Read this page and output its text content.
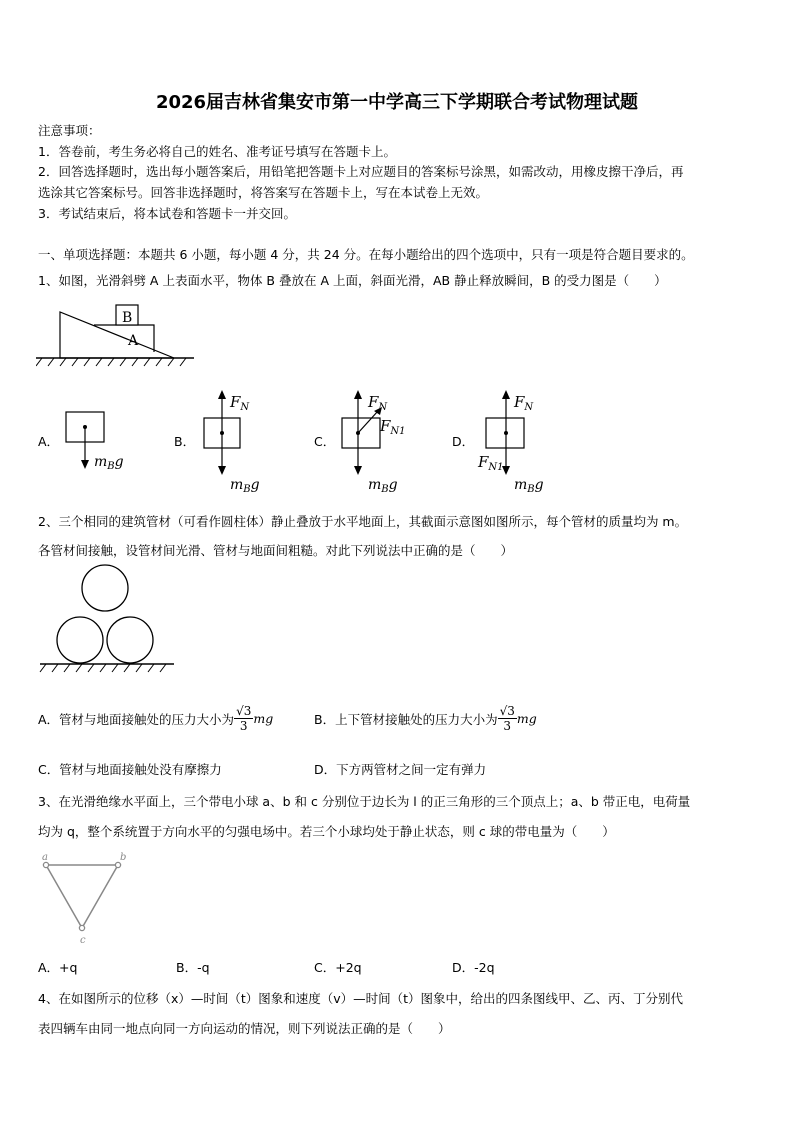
2026届吉林省集安市第一中学高三下学期联合考试物理试题
注意事项：
1．答卷前，考生务必将自己的姓名、准考证号填写在答题卡上。
2．回答选择题时，选出每小题答案后，用铅笔把答题卡上对应题目的答案标号涂黑，如需改动，用橡皮擦干净后，再
选涂其它答案标号。回答非选择题时，将答案写在答题卡上，写在本试卷上无效。
3．考试结束后，将本试卷和答题卡一并交回。
一、单项选择题：本题共 6 小题，每小题 4 分，共 24 分。在每小题给出的四个选项中，只有一项是符合题目要求的。
1、如图，光滑斜劈 A 上表面水平，物体 B 叠放在 A 上面，斜面光滑，AB 静止释放瞬间，B 的受力图是（　　）
B
A
A．
$m_Bg$
B．
$F_N$
$m_Bg$
C．
$F_N$
$F_{N1}$
$m_Bg$
D．
$F_N$
$F_{N1}$
$m_Bg$
2、三个相同的建筑管材（可看作圆柱体）静止叠放于水平地面上，其截面示意图如图所示，每个管材的质量均为 m。
各管材间接触，设管材间光滑、管材与地面间粗糙。对此下列说法中正确的是（　　）
A．管材与地面接触处的压力大小为 $\frac{√3}{3}$ mg	B．上下管材接触处的压力大小为 $\frac{√3}{3}$ mg
C．管材与地面接触处没有摩擦力	D．下方两管材之间一定有弹力
3、在光滑绝缘水平面上，三个带电小球 a、b 和 c 分别位于边长为 l 的正三角形的三个顶点上；a、b 带正电，电荷量
均为 q，整个系统置于方向水平的匀强电场中。若三个小球均处于静止状态，则 c 球的带电量为（　　）
a	b
c
A．+q	B．-q	C．+2q	D．-2q
4、在如图所示的位移（x）—时间（t）图象和速度（v）—时间（t）图象中，给出的四条图线甲、乙、丙、丁分别代
表四辆车由同一地点向同一方向运动的情况，则下列说法正确的是（　　）
